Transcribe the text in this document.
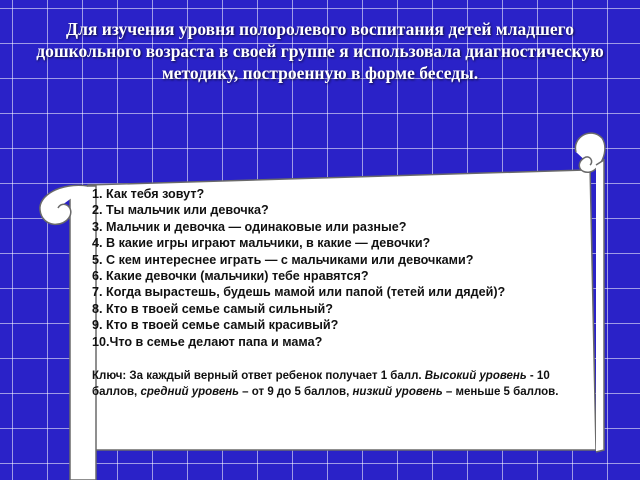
Для изучения уровня полоролевого воспитания детей младшего дошкольного возраста в своей группе я использовала диагностическую методику, построенную в форме беседы.
1. Как тебя зовут?
2. Ты мальчик или девочка?
3. Мальчик и девочка — одинаковые или разные?
4. В какие игры играют мальчики, в какие — девочки?
5. С кем интереснее играть — с мальчиками или девочками?
6. Какие девочки (мальчики) тебе нравятся?
7. Когда вырастешь, будешь мамой или папой (тетей или дядей)?
8. Кто в твоей семье самый сильный?
9. Кто в твоей семье самый красивый?
10.Что в семье делают папа и мама?
Ключ: За каждый верный ответ ребенок получает 1 балл. Высокий уровень - 10 баллов, средний уровень – от 9 до 5 баллов, низкий уровень – меньше 5 баллов.
